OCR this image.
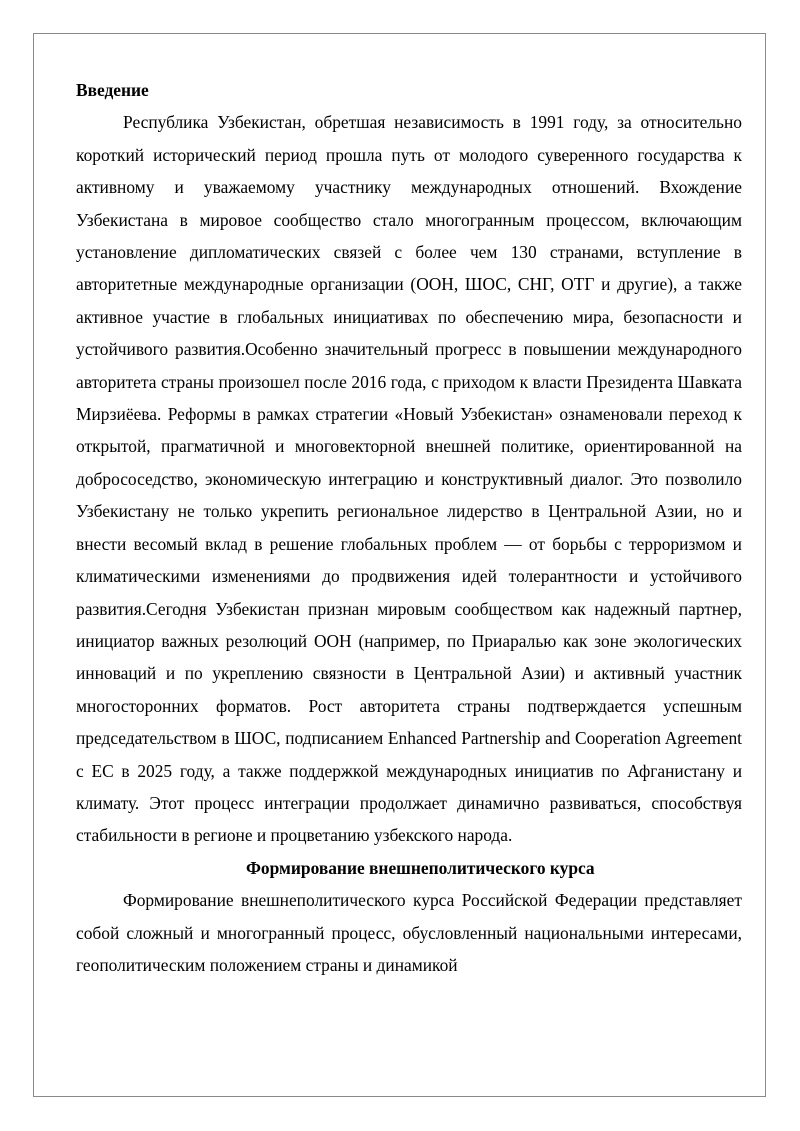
Введение

Республика Узбекистан, обретшая независимость в 1991 году, за относительно короткий исторический период прошла путь от молодого суверенного государства к активному и уважаемому участнику международных отношений. Вхождение Узбекистана в мировое сообщество стало многогранным процессом, включающим установление дипломатических связей с более чем 130 странами, вступление в авторитетные международные организации (ООН, ШОС, СНГ, ОТГ и другие), а также активное участие в глобальных инициативах по обеспечению мира, безопасности и устойчивого развития.Особенно значительный прогресс в повышении международного авторитета страны произошел после 2016 года, с приходом к власти Президента Шавката Мирзиёева. Реформы в рамках стратегии «Новый Узбекистан» ознаменовали переход к открытой, прагматичной и многовекторной внешней политике, ориентированной на добрососедство, экономическую интеграцию и конструктивный диалог. Это позволило Узбекистану не только укрепить региональное лидерство в Центральной Азии, но и внести весомый вклад в решение глобальных проблем — от борьбы с терроризмом и климатическими изменениями до продвижения идей толерантности и устойчивого развития.Сегодня Узбекистан признан мировым сообществом как надежный партнер, инициатор важных резолюций ООН (например, по Приаралью как зоне экологических инноваций и по укреплению связности в Центральной Азии) и активный участник многосторонних форматов. Рост авторитета страны подтверждается успешным председательством в ШОС, подписанием Enhanced Partnership and Cooperation Agreement с ЕС в 2025 году, а также поддержкой международных инициатив по Афганистану и климату. Этот процесс интеграции продолжает динамично развиваться, способствуя стабильности в регионе и процветанию узбекского народа.

Формирование внешнеполитического курса

Формирование внешнеполитического курса Российской Федерации представляет собой сложный и многогранный процесс, обусловленный национальными интересами, геополитическим положением страны и динамикой
